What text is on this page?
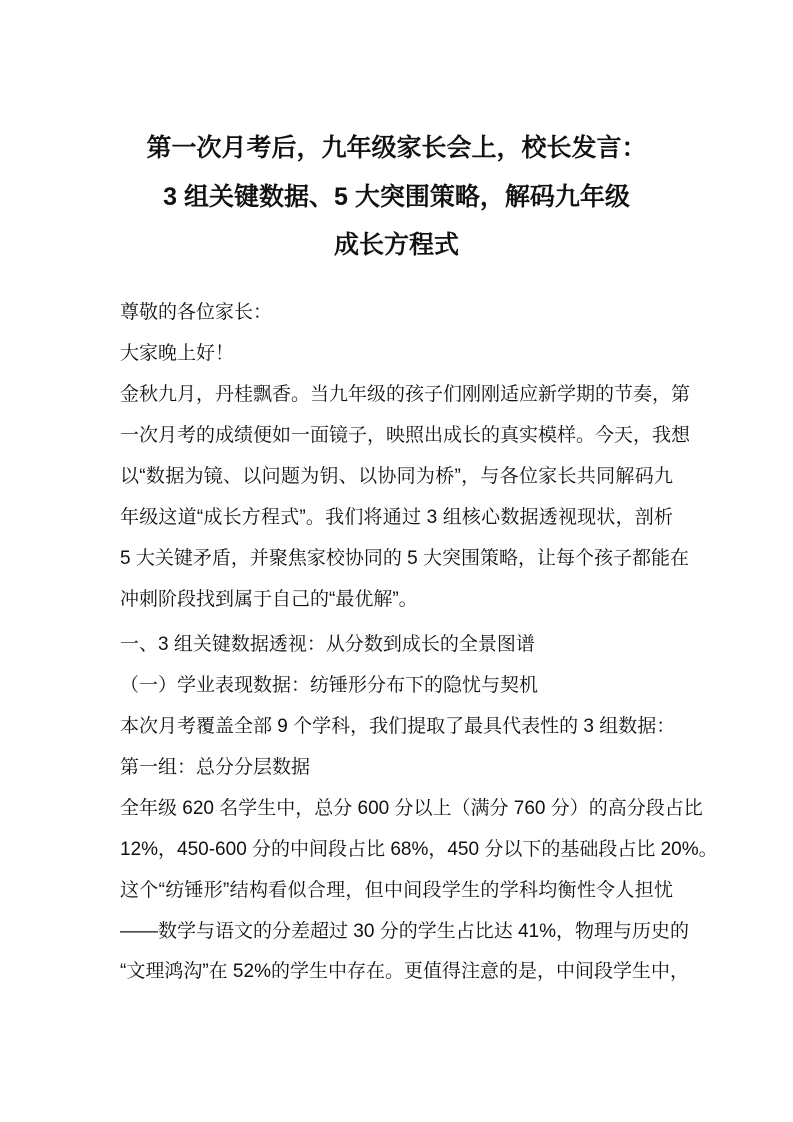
第一次月考后，九年级家长会上，校长发言：
3 组关键数据、5 大突围策略，解码九年级
成长方程式
尊敬的各位家长：
大家晚上好！
金秋九月，丹桂飘香。当九年级的孩子们刚刚适应新学期的节奏，第
一次月考的成绩便如一面镜子，映照出成长的真实模样。今天，我想
以“数据为镜、以问题为钥、以协同为桥”，与各位家长共同解码九
年级这道“成长方程式”。我们将通过 3 组核心数据透视现状，剖析
5 大关键矛盾，并聚焦家校协同的 5 大突围策略，让每个孩子都能在
冲刺阶段找到属于自己的“最优解”。
一、3 组关键数据透视：从分数到成长的全景图谱
（一）学业表现数据：纺锤形分布下的隐忧与契机
本次月考覆盖全部 9 个学科，我们提取了最具代表性的 3 组数据：
第一组：总分分层数据
全年级 620 名学生中，总分 600 分以上（满分 760 分）的高分段占比
12%，450-600 分的中间段占比 68%，450 分以下的基础段占比 20%。
这个“纺锤形”结构看似合理，但中间段学生的学科均衡性令人担忧
——数学与语文的分差超过 30 分的学生占比达 41%，物理与历史的
“文理鸿沟”在 52%的学生中存在。更值得注意的是，中间段学生中，
